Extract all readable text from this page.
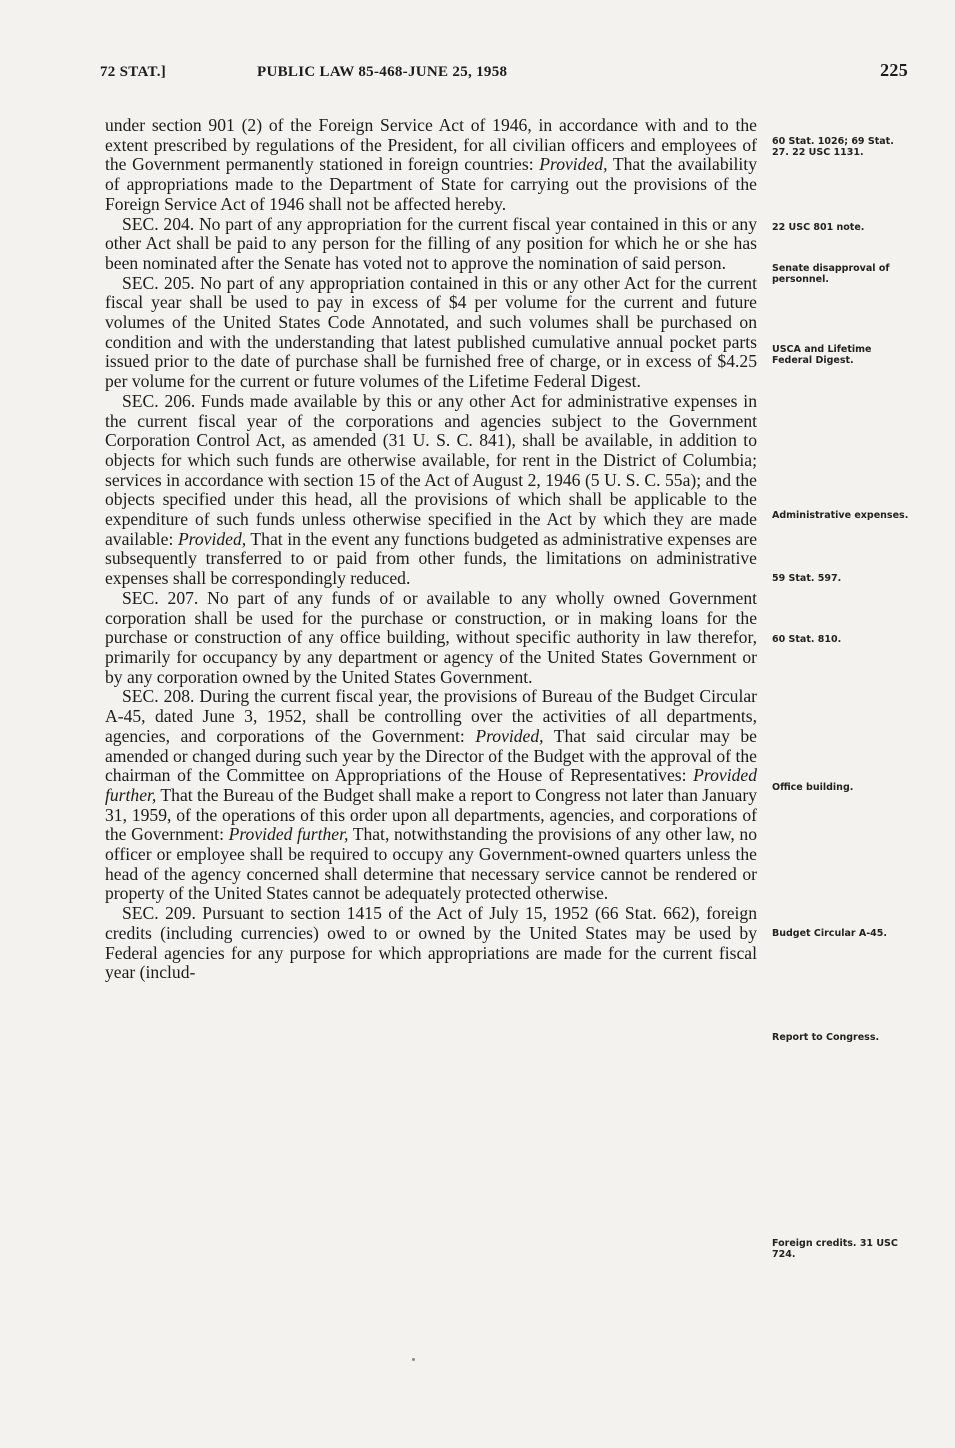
72 STAT.]	PUBLIC LAW 85-468-JUNE 25, 1958	225

under section 901 (2) of the Foreign Service Act of 1946, in accordance with and to the extent prescribed by regulations of the President, for all civilian officers and employees of the Government permanently stationed in foreign countries: Provided, That the availability of appropriations made to the Department of State for carrying out the provisions of the Foreign Service Act of 1946 shall not be affected hereby.

SEC. 204. No part of any appropriation for the current fiscal year contained in this or any other Act shall be paid to any person for the filling of any position for which he or she has been nominated after the Senate has voted not to approve the nomination of said person.

SEC. 205. No part of any appropriation contained in this or any other Act for the current fiscal year shall be used to pay in excess of $4 per volume for the current and future volumes of the United States Code Annotated, and such volumes shall be purchased on condition and with the understanding that latest published cumulative annual pocket parts issued prior to the date of purchase shall be furnished free of charge, or in excess of $4.25 per volume for the current or future volumes of the Lifetime Federal Digest.

SEC. 206. Funds made available by this or any other Act for administrative expenses in the current fiscal year of the corporations and agencies subject to the Government Corporation Control Act, as amended (31 U. S. C. 841), shall be available, in addition to objects for which such funds are otherwise available, for rent in the District of Columbia; services in accordance with section 15 of the Act of August 2, 1946 (5 U. S. C. 55a); and the objects specified under this head, all the provisions of which shall be applicable to the expenditure of such funds unless otherwise specified in the Act by which they are made available: Provided, That in the event any functions budgeted as administrative expenses are subsequently transferred to or paid from other funds, the limitations on administrative expenses shall be correspondingly reduced.

SEC. 207. No part of any funds of or available to any wholly owned Government corporation shall be used for the purchase or construction, or in making loans for the purchase or construction of any office building, without specific authority in law therefor, primarily for occupancy by any department or agency of the United States Government or by any corporation owned by the United States Government.

SEC. 208. During the current fiscal year, the provisions of Bureau of the Budget Circular A-45, dated June 3, 1952, shall be controlling over the activities of all departments, agencies, and corporations of the Government: Provided, That said circular may be amended or changed during such year by the Director of the Budget with the approval of the chairman of the Committee on Appropriations of the House of Representatives: Provided further, That the Bureau of the Budget shall make a report to Congress not later than January 31, 1959, of the operations of this order upon all departments, agencies, and corporations of the Government: Provided further, That, notwithstanding the provisions of any other law, no officer or employee shall be required to occupy any Government-owned quarters unless the head of the agency concerned shall determine that necessary service cannot be rendered or property of the United States cannot be adequately protected otherwise.

SEC. 209. Pursuant to section 1415 of the Act of July 15, 1952 (66 Stat. 662), foreign credits (including currencies) owed to or owned by the United States may be used by Federal agencies for any purpose for which appropriations are made for the current fiscal year (includ-

60 Stat. 1026; 69 Stat. 27. 22 USC 1131.
22 USC 801 note.
Senate disapproval of personnel.
USCA and Lifetime Federal Digest.
Administrative expenses.
59 Stat. 597.
60 Stat. 810.
Office building.
Budget Circular A-45.
Report to Congress.
Foreign credits. 31 USC 724.
